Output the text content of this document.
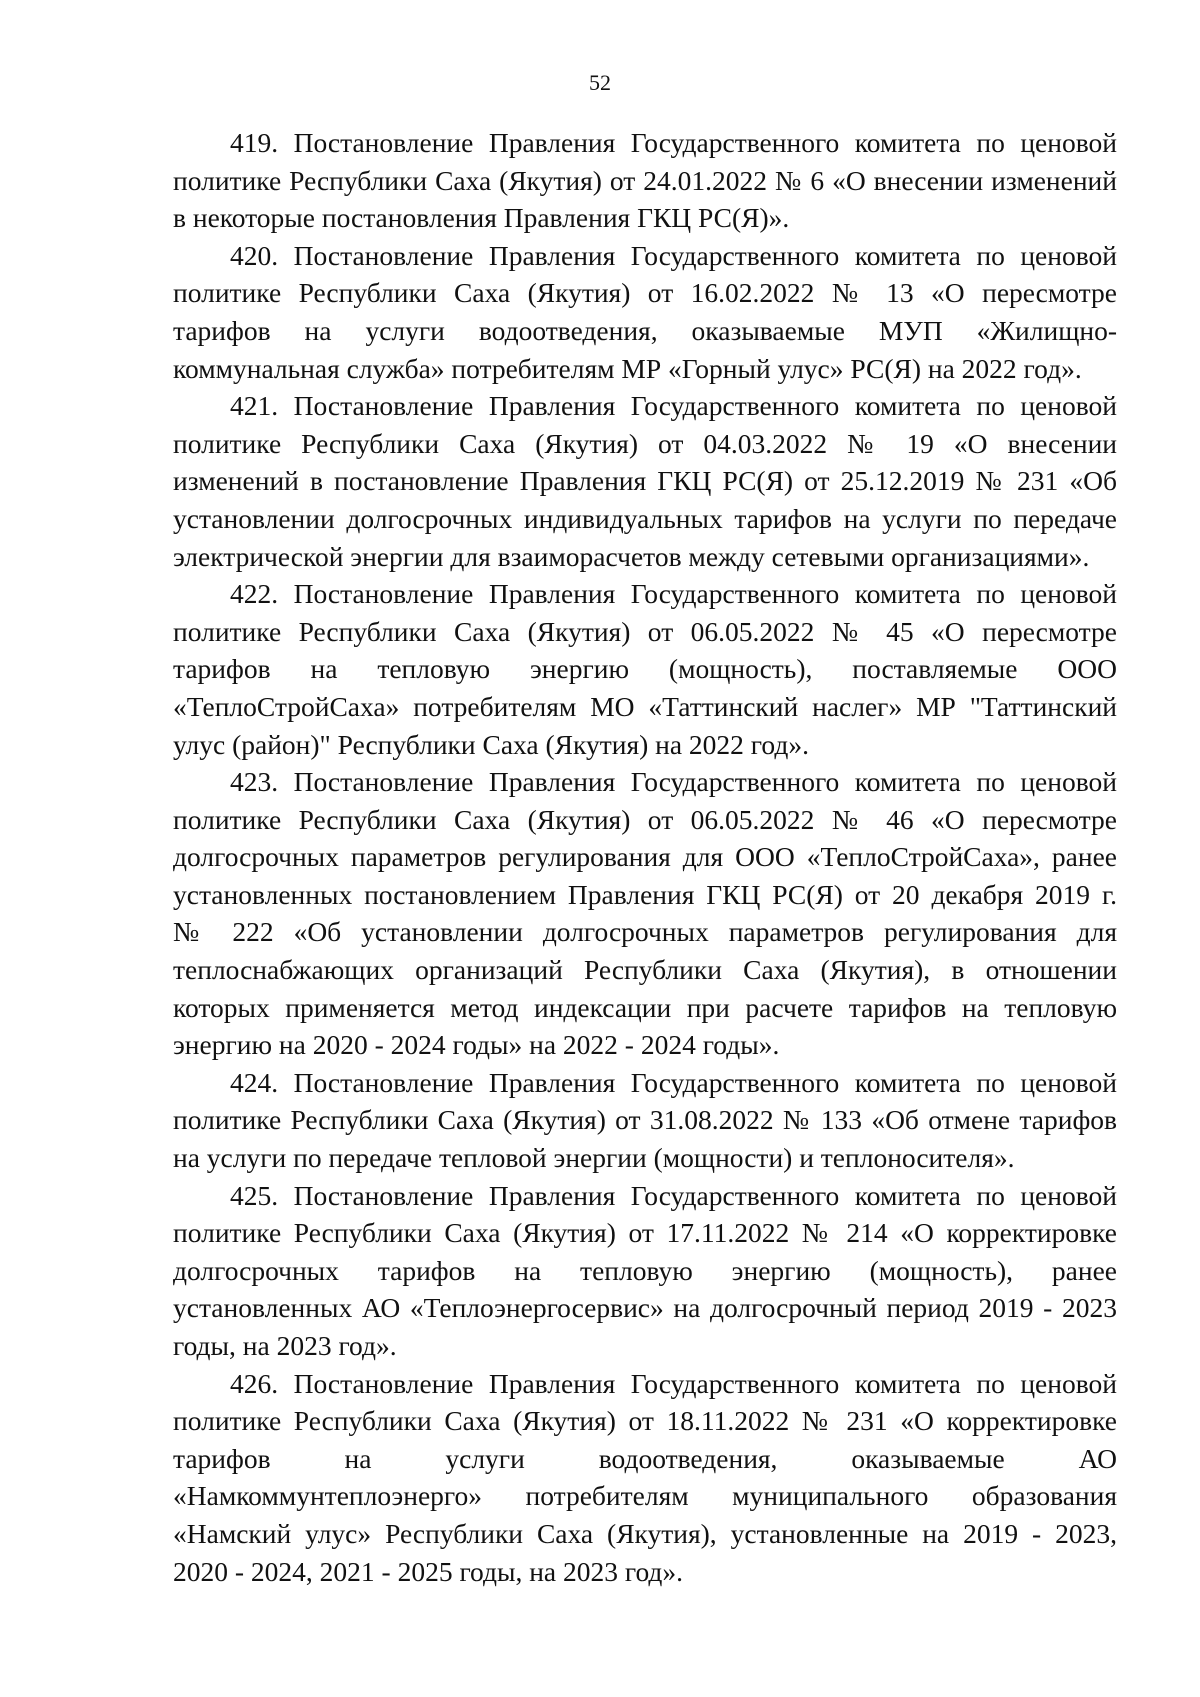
52

419. Постановление Правления Государственного комитета по ценовой
политике Республики Саха (Якутия) от 24.01.2022 № 6 «О внесении изменений
в некоторые постановления Правления ГКЦ РС(Я)».

420. Постановление Правления Государственного комитета по ценовой
политике Республики Саха (Якутия) от 16.02.2022 № 13 «О пересмотре
тарифов на услуги водоотведения, оказываемые МУП «Жилищно-
коммунальная служба» потребителям МР «Горный улус» РС(Я) на 2022 год».

421. Постановление Правления Государственного комитета по ценовой
политике Республики Саха (Якутия) от 04.03.2022 № 19 «О внесении
изменений в постановление Правления ГКЦ РС(Я) от 25.12.2019 № 231 «Об
установлении долгосрочных индивидуальных тарифов на услуги по передаче
электрической энергии для взаиморасчетов между сетевыми организациями».

422. Постановление Правления Государственного комитета по ценовой
политике Республики Саха (Якутия) от 06.05.2022 № 45 «О пересмотре
тарифов на тепловую энергию (мощность), поставляемые ООО
«ТеплоСтройСаха» потребителям МО «Таттинский наслег» МР "Таттинский
улус (район)" Республики Саха (Якутия) на 2022 год».

423. Постановление Правления Государственного комитета по ценовой
политике Республики Саха (Якутия) от 06.05.2022 № 46 «О пересмотре
долгосрочных параметров регулирования для ООО «ТеплоСтройСаха», ранее
установленных постановлением Правления ГКЦ РС(Я) от 20 декабря 2019 г.
№ 222 «Об установлении долгосрочных параметров регулирования для
теплоснабжающих организаций Республики Саха (Якутия), в отношении
которых применяется метод индексации при расчете тарифов на тепловую
энергию на 2020 - 2024 годы» на 2022 - 2024 годы».

424. Постановление Правления Государственного комитета по ценовой
политике Республики Саха (Якутия) от 31.08.2022 № 133 «Об отмене тарифов
на услуги по передаче тепловой энергии (мощности) и теплоносителя».

425. Постановление Правления Государственного комитета по ценовой
политике Республики Саха (Якутия) от 17.11.2022 № 214 «О корректировке
долгосрочных тарифов на тепловую энергию (мощность), ранее
установленных АО «Теплоэнергосервис» на долгосрочный период 2019 - 2023
годы, на 2023 год».

426. Постановление Правления Государственного комитета по ценовой
политике Республики Саха (Якутия) от 18.11.2022 № 231 «О корректировке
тарифов на услуги водоотведения, оказываемые АО
«Намкоммунтеплоэнерго» потребителям муниципального образования
«Намский улус» Республики Саха (Якутия), установленные на 2019 - 2023,
2020 - 2024, 2021 - 2025 годы, на 2023 год».
